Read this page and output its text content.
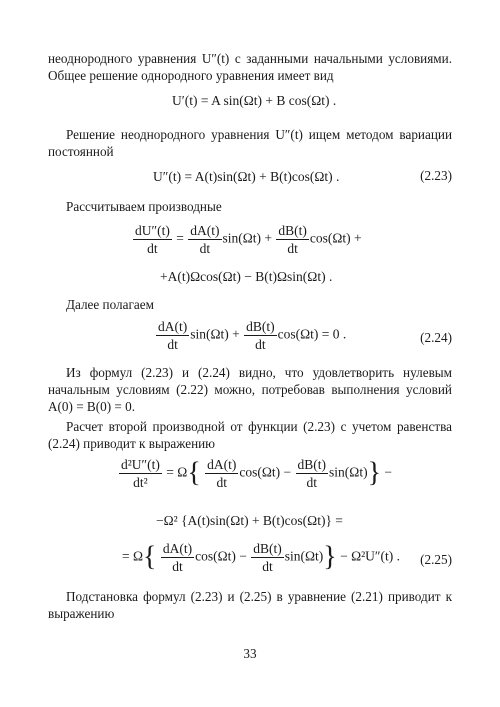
неоднородного уравнения U″(t) с заданными начальными условиями. Общее решение однородного уравнения имеет вид

U′(t) = A sin(Ωt) + B cos(Ωt) .

Решение неоднородного уравнения U″(t) ищем методом вариации постоянной

U″(t) = A(t)sin(Ωt) + B(t)cos(Ωt) .	(2.23)

Рассчитываем производные

$\frac{dU''(t)}{dt} = \frac{dA(t)}{dt} \sin(\Omega t) + \frac{dB(t)}{dt} \cos(\Omega t)$ +
+A(t)Ωcos(Ωt) − B(t)Ωsin(Ωt) .

Далее полагаем

$\frac{dA(t)}{dt} \sin(\Omega t) + \frac{dB(t)}{dt} \cos(\Omega t) = 0$ .	(2.24)

Из формул (2.23) и (2.24) видно, что удовлетворить нулевым начальным условиям (2.22) можно, потребовав выполнения условий A(0) = B(0) = 0.

Расчет второй производной от функции (2.23) с учетом равенства (2.24) приводит к выражению

$\frac{\text{d²U″(t)}}{\text{dt²}} = \Omega\{ \frac{dA(t)}{dt} \cos(\Omega t) - \frac{dB(t)}{dt} \sin(\Omega t)\}$ −
−Ω² {A(t)sin(Ωt) + B(t)cos(Ωt)} =
= $\Omega\{ \frac{dA(t)}{dt} \cos(\Omega t) - \frac{dB(t)}{dt} \sin(\Omega t)\} - \Omega^2U''(t)$ . (2.25)

Подстановка формул (2.23) и (2.25) в уравнение (2.21) приводит к выражению

33
